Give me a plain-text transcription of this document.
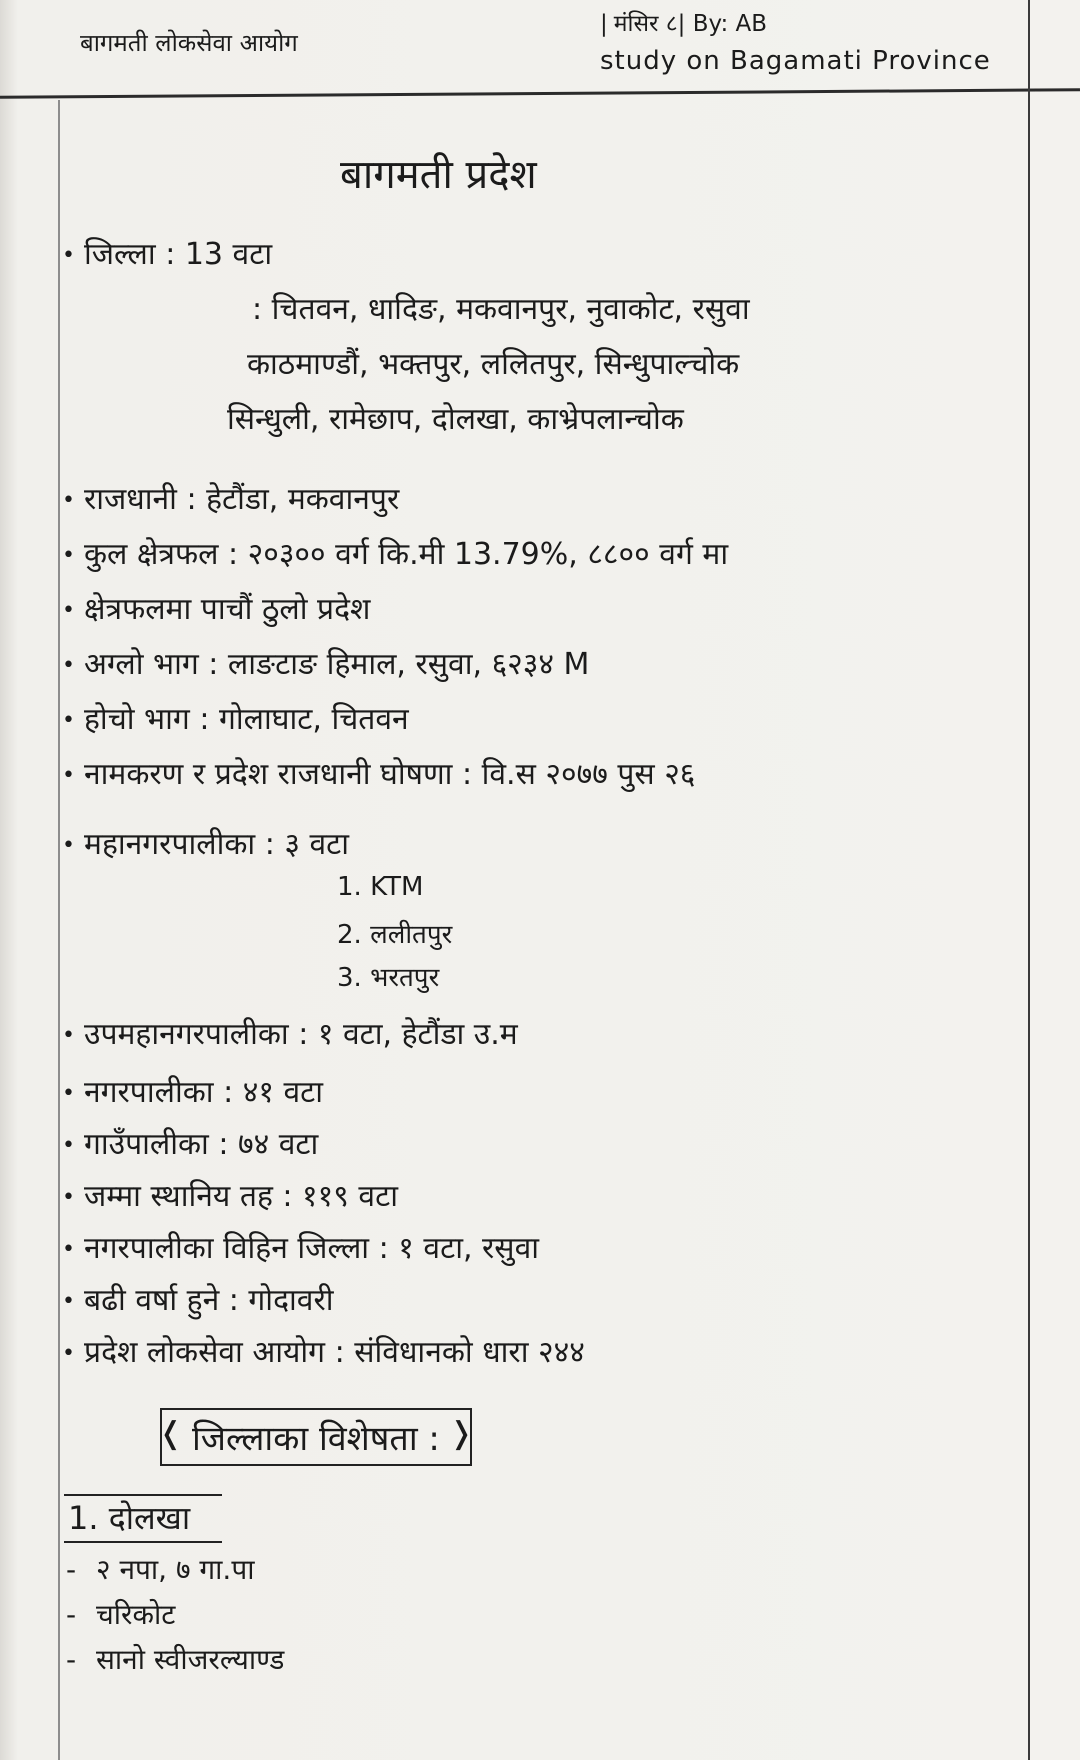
बागमती लोकसेवा आयोग
| मंसिर ८| By: AB
study on Bagamati Province
बागमती प्रदेश
• जिल्ला : 13 वटा
: चितवन, धादिङ, मकवानपुर, नुवाकोट, रसुवा
काठमाण्डौं, भक्तपुर, ललितपुर, सिन्धुपाल्चोक
सिन्धुली, रामेछाप, दोलखा, काभ्रेपलान्चोक
• राजधानी : हेटौंडा, मकवानपुर
• कुल क्षेत्रफल : २०३०० वर्ग कि.मी 13.79%, ८८०० वर्ग मा
• क्षेत्रफलमा पाचौं ठुलो प्रदेश
• अग्लो भाग : लाङटाङ हिमाल, रसुवा, ६२३४ M
• होचो भाग : गोलाघाट, चितवन
• नामकरण र प्रदेश राजधानी घोषणा : वि.स २०७७ पुस २६
• महानगरपालीका : ३ वटा
1. KTM
2. ललीतपुर
3. भरतपुर
• उपमहानगरपालीका : १ वटा, हेटौंडा उ.म
• नगरपालीका : ४१ वटा
• गाउँपालीका : ७४ वटा
• जम्मा स्थानिय तह : ११९ वटा
• नगरपालीका विहिन जिल्ला : १ वटा, रसुवा
• बढी वर्षा हुने : गोदावरी
• प्रदेश लोकसेवा आयोग : संविधानको धारा २४४
❬ जिल्लाका विशेषता : ❭
1. दोलखा
- २ नपा, ७ गा.पा
- चरिकोट
- सानो स्वीजरल्याण्ड
